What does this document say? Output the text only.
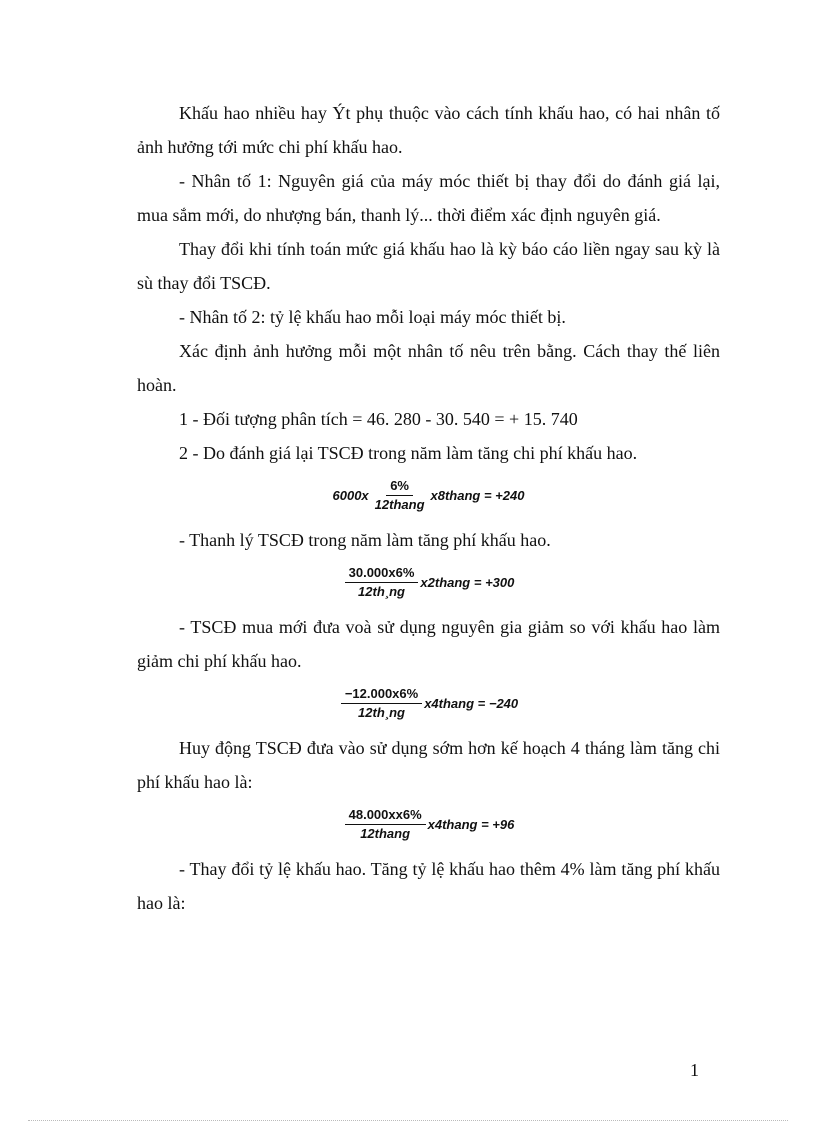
Khấu hao nhiều hay Ýt phụ thuộc vào cách tính khấu hao, có hai nhân tố ảnh hưởng tới mức chi phí khấu hao.

- Nhân tố 1: Nguyên giá của máy móc thiết bị thay đổi do đánh giá lại, mua sắm mới, do nhượng bán, thanh lý... thời điểm xác định nguyên giá.

Thay đổi khi tính toán mức giá khấu hao là kỳ báo cáo liền ngay sau kỳ là sù thay đổi TSCĐ.

- Nhân tố 2: tỷ lệ khấu hao mỗi loại máy móc thiết bị.

Xác định ảnh hưởng mỗi một nhân tố nêu trên bằng. Cách thay thế liên hoàn.

1 - Đối tượng phân tích = 46. 280 - 30. 540 = + 15. 740

2 - Do đánh giá lại TSCĐ trong năm làm tăng chi phí khấu hao.

$6000x \frac{6\%}{\text{12thang}}$ x8thang = +240

- Thanh lý TSCĐ trong năm làm tăng phí khấu hao.

$\frac{30.000x6\%}{12th¸ng}$ x2thang = +300

- TSCĐ mua mới đưa voà sử dụng nguyên gia giảm so với khấu hao làm giảm chi phí khấu hao.

$\frac{-12.000x6\%}{12th¸ng}$ x4thang = −240

Huy động TSCĐ đưa vào sử dụng sớm hơn kế hoạch 4 tháng làm tăng chi phí khấu hao là:

$\frac{48.000xx6\%}{\text{12thang}}$ x4thang = +96

- Thay đổi tỷ lệ khấu hao. Tăng tỷ lệ khấu hao thêm 4% làm tăng phí khấu hao là:

1
